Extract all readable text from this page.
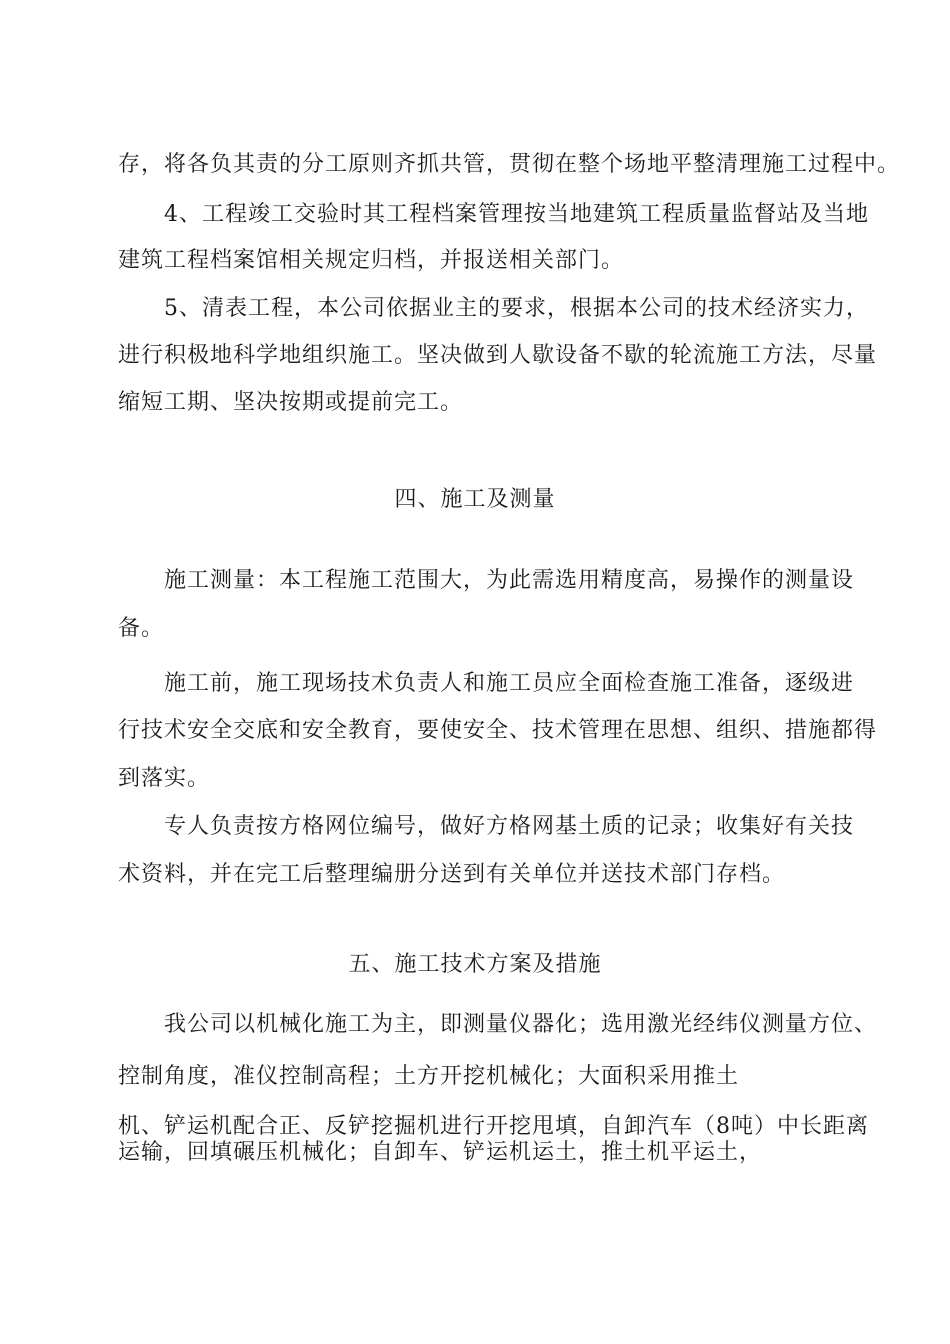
存，将各负其责的分工原则齐抓共管，贯彻在整个场地平整清理施工过程中。
4、工程竣工交验时其工程档案管理按当地建筑工程质量监督站及当地
建筑工程档案馆相关规定归档，并报送相关部门。
5、清表工程，本公司依据业主的要求，根据本公司的技术经济实力，
进行积极地科学地组织施工。坚决做到人歇设备不歇的轮流施工方法，尽量
缩短工期、坚决按期或提前完工。
四、施工及测量
施工测量：本工程施工范围大，为此需选用精度高，易操作的测量设
备。
施工前，施工现场技术负责人和施工员应全面检查施工准备，逐级进
行技术安全交底和安全教育，要使安全、技术管理在思想、组织、措施都得
到落实。
专人负责按方格网位编号，做好方格网基土质的记录；收集好有关技
术资料，并在完工后整理编册分送到有关单位并送技术部门存档。
五、施工技术方案及措施
我公司以机械化施工为主，即测量仪器化；选用激光经纬仪测量方位、
控制角度，准仪控制高程；土方开挖机械化；大面积采用推土
机、铲运机配合正、反铲挖掘机进行开挖甩填，自卸汽车（8吨）中长距离
运输，回填碾压机械化；自卸车、铲运机运土，推土机平运土，
